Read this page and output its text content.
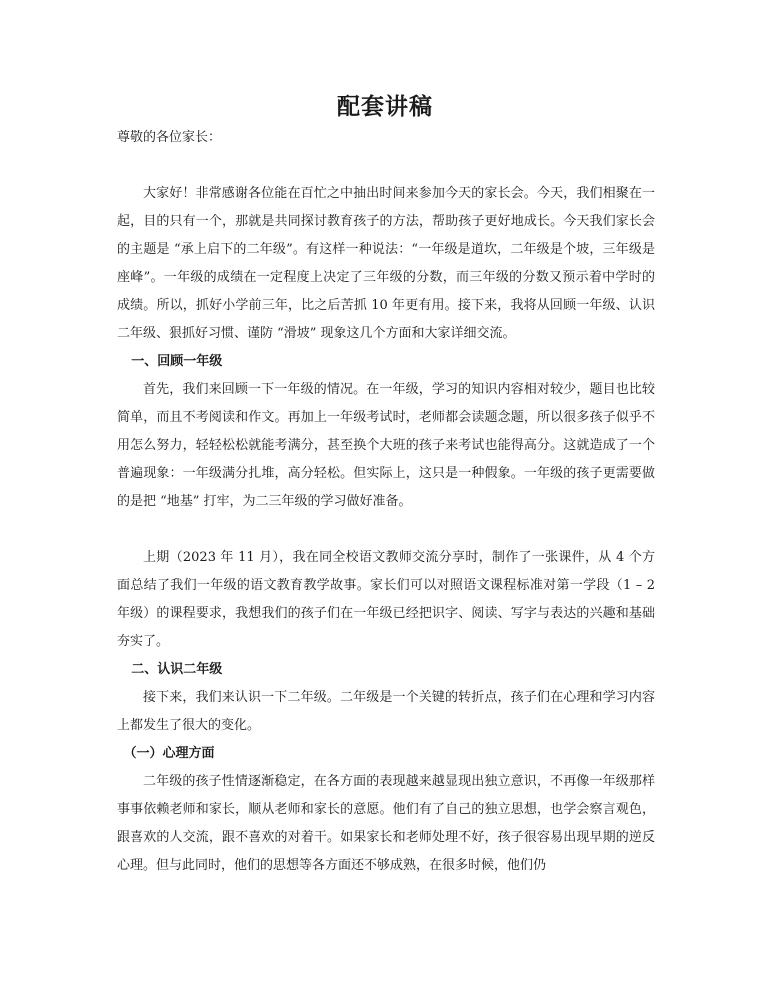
配套讲稿

尊敬的各位家长：

大家好！非常感谢各位能在百忙之中抽出时间来参加今天的家长会。今天，我们相聚在一起，目的只有一个，那就是共同探讨教育孩子的方法，帮助孩子更好地成长。今天我们家长会的主题是 “承上启下的二年级”。有这样一种说法：“一年级是道坎，二年级是个坡，三年级是座峰”。一年级的成绩在一定程度上决定了三年级的分数，而三年级的分数又预示着中学时的成绩。所以，抓好小学前三年，比之后苦抓 10 年更有用。接下来，我将从回顾一年级、认识二年级、狠抓好习惯、谨防 “滑坡” 现象这几个方面和大家详细交流。

一、回顾一年级

首先，我们来回顾一下一年级的情况。在一年级，学习的知识内容相对较少，题目也比较简单，而且不考阅读和作文。再加上一年级考试时，老师都会读题念题，所以很多孩子似乎不用怎么努力，轻轻松松就能考满分，甚至换个大班的孩子来考试也能得高分。这就造成了一个普遍现象：一年级满分扎堆，高分轻松。但实际上，这只是一种假象。一年级的孩子更需要做的是把 “地基” 打牢，为二三年级的学习做好准备。

上期（2023 年 11 月），我在同全校语文教师交流分享时，制作了一张课件，从 4 个方面总结了我们一年级的语文教育教学故事。家长们可以对照语文课程标准对第一学段（1 – 2 年级）的课程要求，我想我们的孩子们在一年级已经把识字、阅读、写字与表达的兴趣和基础夯实了。

二、认识二年级

接下来，我们来认识一下二年级。二年级是一个关键的转折点，孩子们在心理和学习内容上都发生了很大的变化。

（一）心理方面

二年级的孩子性情逐渐稳定，在各方面的表现越来越显现出独立意识，不再像一年级那样事事依赖老师和家长，顺从老师和家长的意愿。他们有了自己的独立思想，也学会察言观色，跟喜欢的人交流，跟不喜欢的对着干。如果家长和老师处理不好，孩子很容易出现早期的逆反心理。但与此同时，他们的思想等各方面还不够成熟，在很多时候，他们仍
